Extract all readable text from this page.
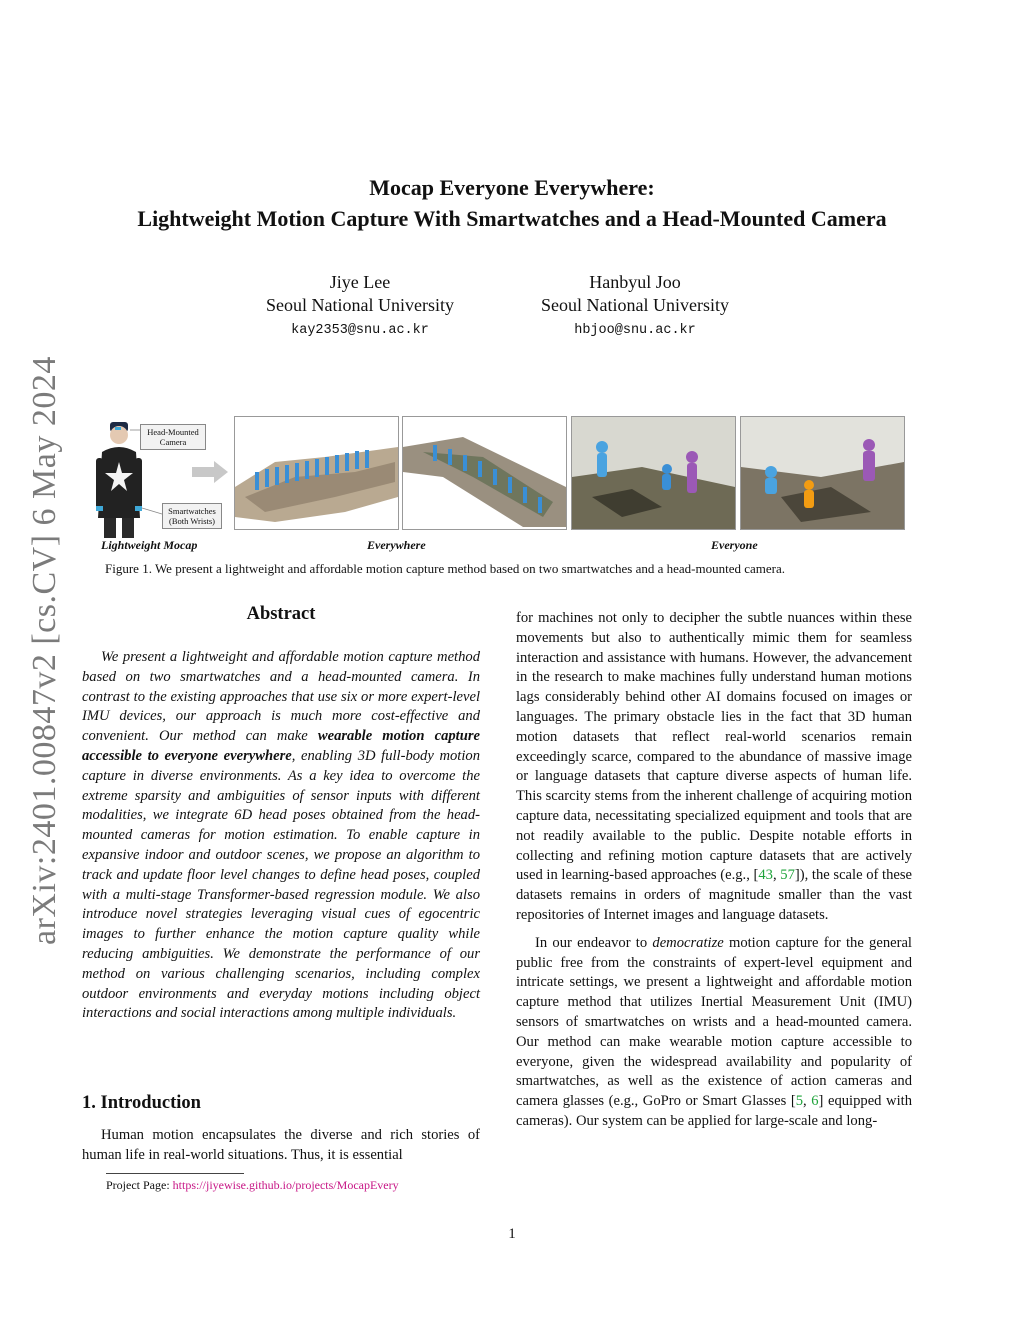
arXiv:2401.00847v2 [cs.CV] 6 May 2024
Mocap Everyone Everywhere:
Lightweight Motion Capture With Smartwatches and a Head-Mounted Camera
Jiye Lee
Seoul National University
kay2353@snu.ac.kr
Hanbyul Joo
Seoul National University
hbjoo@snu.ac.kr
Head-Mounted
Camera
Smartwatches
(Both Wrists)
Lightweight Mocap	Everywhere	Everyone
Figure 1. We present a lightweight and affordable motion capture method based on two smartwatches and a head-mounted camera.
Abstract

We present a lightweight and affordable motion capture method based on two smartwatches and a head-mounted camera. In contrast to the existing approaches that use six or more expert-level IMU devices, our approach is much more cost-effective and convenient. Our method can make wearable motion capture accessible to everyone everywhere, enabling 3D full-body motion capture in diverse environments. As a key idea to overcome the extreme sparsity and ambiguities of sensor inputs with different modalities, we integrate 6D head poses obtained from the head-mounted cameras for motion estimation. To enable capture in expansive indoor and outdoor scenes, we propose an algorithm to track and update floor level changes to define head poses, coupled with a multi-stage Transformer-based regression module. We also introduce novel strategies leveraging visual cues of egocentric images to further enhance the motion capture quality while reducing ambiguities. We demonstrate the performance of our method on various challenging scenarios, including complex outdoor environments and everyday motions including object interactions and social interactions among multiple individuals.

1. Introduction

Human motion encapsulates the diverse and rich stories of human life in real-world situations. Thus, it is essential

Project Page: https://jiyewise.github.io/projects/MocapEvery

for machines not only to decipher the subtle nuances within these movements but also to authentically mimic them for seamless interaction and assistance with humans. However, the advancement in the research to make machines fully understand human motions lags considerably behind other AI domains focused on images or languages. The primary obstacle lies in the fact that 3D human motion datasets that reflect real-world scenarios remain exceedingly scarce, compared to the abundance of massive image or language datasets that capture diverse aspects of human life. This scarcity stems from the inherent challenge of acquiring motion capture data, necessitating specialized equipment and tools that are not readily available to the public. Despite notable efforts in collecting and refining motion capture datasets that are actively used in learning-based approaches (e.g., [43, 57]), the scale of these datasets remains in orders of magnitude smaller than the vast repositories of Internet images and language datasets.

In our endeavor to democratize motion capture for the general public free from the constraints of expert-level equipment and intricate settings, we present a lightweight and affordable motion capture method that utilizes Inertial Measurement Unit (IMU) sensors of smartwatches on wrists and a head-mounted camera. Our method can make wearable motion capture accessible to everyone, given the widespread availability and popularity of smartwatches, as well as the existence of action cameras and camera glasses (e.g., GoPro or Smart Glasses [5, 6] equipped with cameras). Our system can be applied for large-scale and long-

1
